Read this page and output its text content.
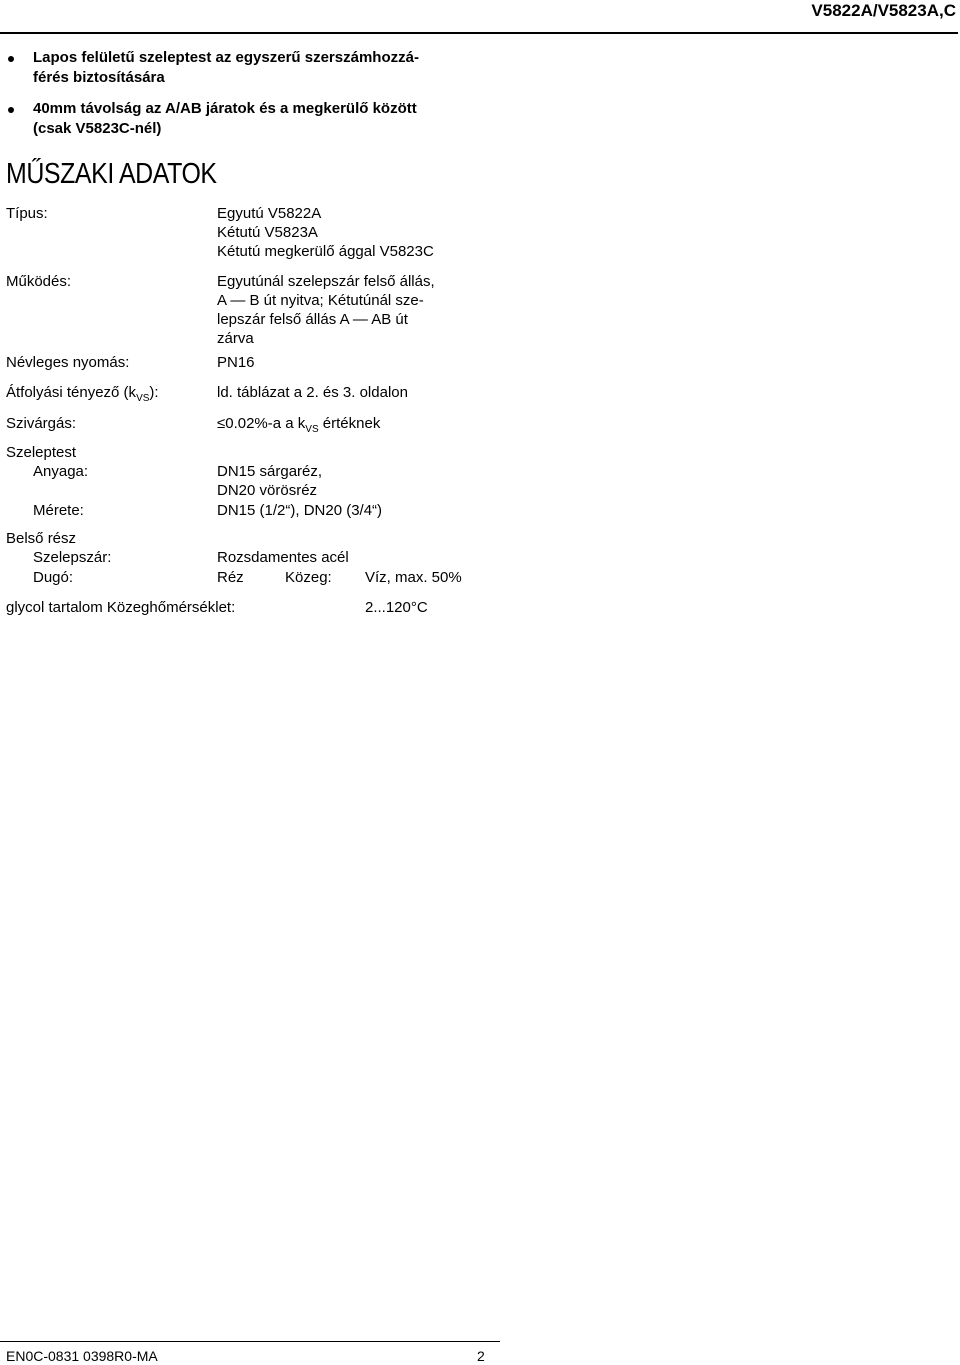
V5822A/V5823A,C
Lapos felületű szeleptest az egyszerű szerszámhozzá-
férés biztosítására
40mm távolság az A/AB járatok és a megkerülő között
(csak V5823C-nél)
MŰSZAKI ADATOK
Típus:	Egyutú V5822A
Kétutú V5823A
Kétutú megkerülő ággal V5823C
Működés:	Egyutúnál szelepszár felső állás,
A — B út nyitva; Kétutúnál sze-
lepszár felső állás A — AB út
zárva
Névleges nyomás:	PN16
Átfolyási tényező $(k_{VS})$:	ld. táblázat a 2. és 3. oldalon
Szivárgás:	≤0.02%-a a $k_{VS}$ értéknek
Szeleptest
Anyaga:	DN15 sárgaréz,
DN20 vörösréz
Mérete:	DN15 (1/2“), DN20 (3/4“)
Belső rész
Szelepszár:	Rozsdamentes acél
Dugó:	Réz	Közeg: Víz, max. 50%
glycol tartalom Közeghőmérséklet:	2...120°C
EN0C-0831 0398R0-MA	2
